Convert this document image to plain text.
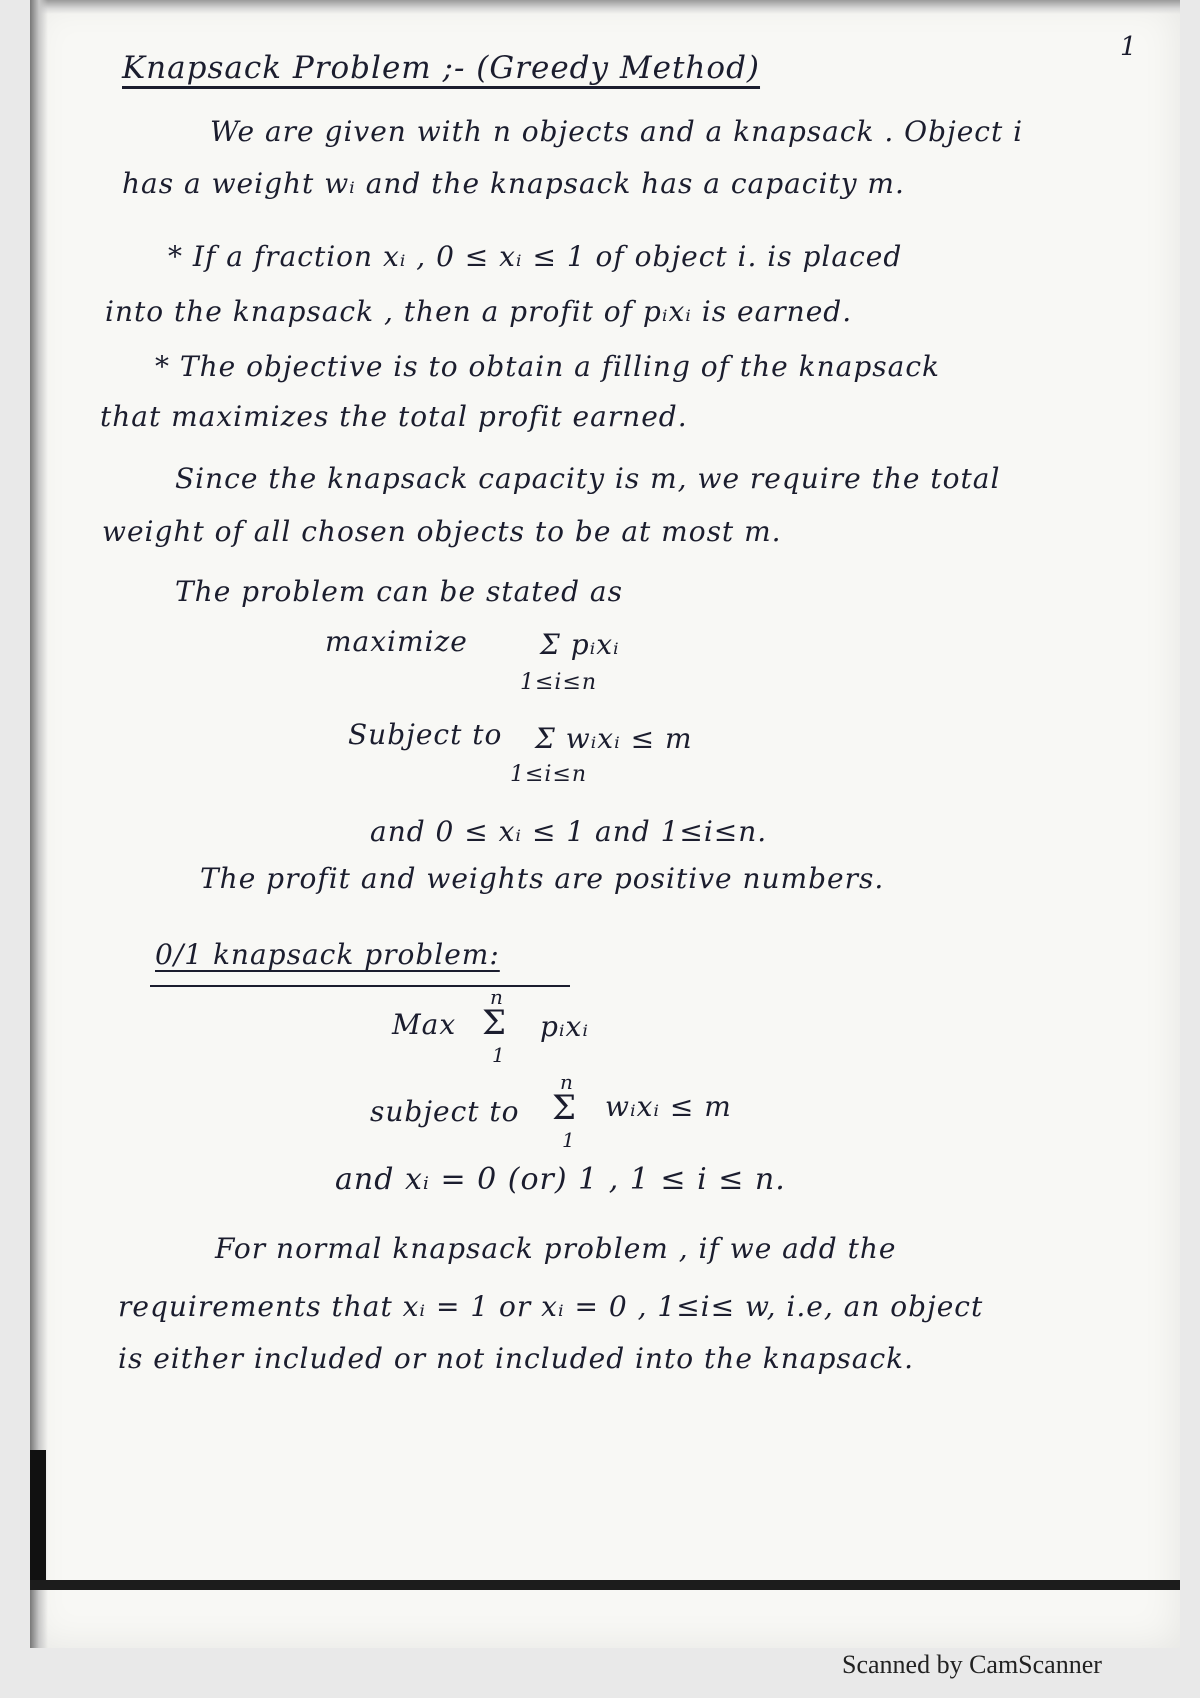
1
Knapsack Problem ;- (Greedy Method)
We are given with n objects and a knapsack . Object i
has a weight wᵢ and the knapsack has a capacity m.
* If a fraction xᵢ , 0 ≤ xᵢ ≤ 1 of object i. is placed
into the knapsack , then a profit of pᵢxᵢ is earned.
* The objective is to obtain a filling of the knapsack
that maximizes the total profit earned.
Since the knapsack capacity is m, we require the total
weight of all chosen objects to be at most m.
The problem can be stated as
maximize	Σ pᵢxᵢ
1≤i≤n
Subject to Σ wᵢxᵢ ≤ m
1≤i≤n
and 0 ≤ xᵢ ≤ 1 and 1≤i≤n.
The profit and weights are positive numbers.
0/1 knapsack problem:
Max
n
Σ
1
pᵢxᵢ
subject to
n
Σ
1
wᵢxᵢ ≤ m
and xᵢ = 0 (or) 1 , 1 ≤ i ≤ n.
For normal knapsack problem , if we add the
requirements that xᵢ = 1 or xᵢ = 0 , 1≤i≤ w, i.e, an object
is either included or not included into the knapsack.
Scanned by CamScanner
